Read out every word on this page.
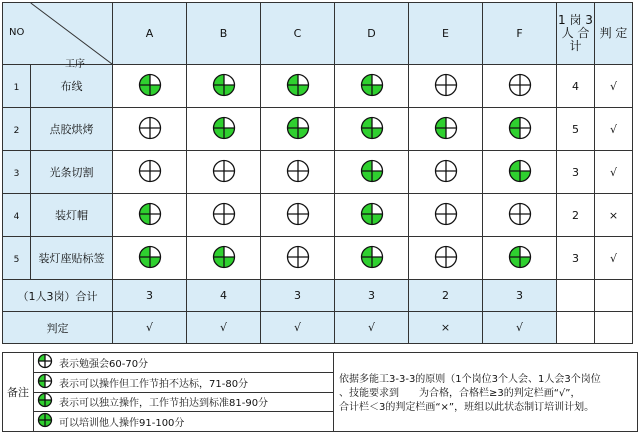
NO
工序		A	B	C	D	E	F	1 岗 3 人 合计	判 定
1	布线							4	√
2	点胶烘烤							5	√
3	光条切割							3	√
4	装灯帽							2	×
5	装灯座贴标签							3	√
（1人3岗）合计		3	4	3	3	2	3		
判定		√	√	√	√	×	√		
备注
表示勉强会60-70分
表示可以操作但工作节拍不达标，71-80分
表示可以独立操作，工作节拍达到标准81-90分
可以培训他人操作91-100分
依据多能工3-3-3的原则（1个岗位3个人会、1人会3个岗位
、技能要求到　　为合格，合格栏≥3的判定栏画“√”，
合计栏＜3的判定栏画“×”，班组以此状态制订培训计划。
